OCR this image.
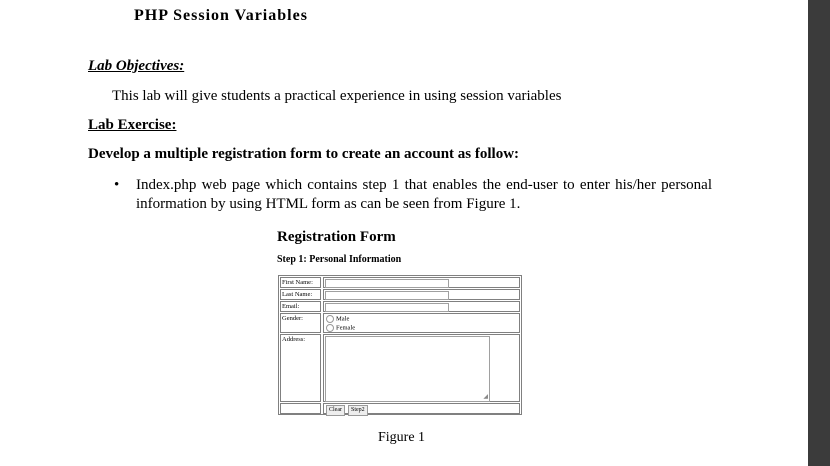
PHP Session Variables
Lab Objectives:
This lab will give students a practical experience in using session variables
Lab Exercise:
Develop a multiple registration form to create an account as follow:
• Index.php web page which contains step 1 that enables the end-user to enter his/her personal information by using HTML form as can be seen from Figure 1.
Registration Form
Step 1: Personal Information
First Name:
Last Name:
Email:
Gender:	Male
Female
Address:
◢
Clear	Step2
Figure 1
